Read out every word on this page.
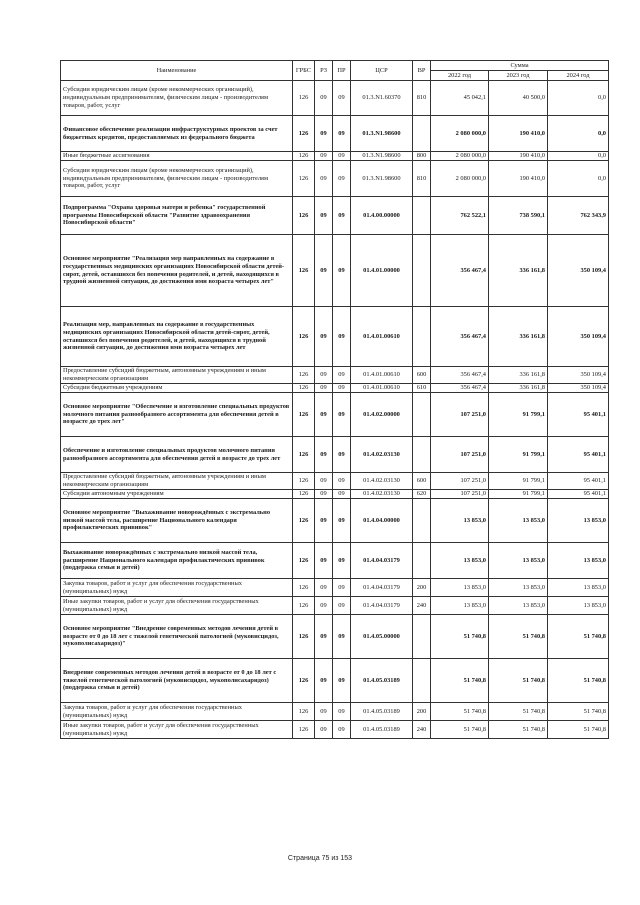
Наименование	ГРБС	РЗ	ПР	ЦСР	ВР	Сумма		
						2022 год	2023 год	2024 год
Субсидии юридическим лицам (кроме некоммерческих организаций), индивидуальным предпринимателям, физическим лицам - производителям товаров, работ, услуг	126	09	09	01.3.N1.60370	810	45 042,1	40 500,0	0,0
Финансовое обеспечение реализации инфраструктурных проектов за счет бюджетных кредитов, предоставляемых из федерального бюджета	126	09	09	01.3.N1.98600		2 080 000,0	190 410,0	0,0
Иные бюджетные ассигнования	126	09	09	01.3.N1.98600	800	2 080 000,0	190 410,0	0,0
Субсидии юридическим лицам (кроме некоммерческих организаций), индивидуальным предпринимателям, физическим лицам - производителям товаров, работ, услуг	126	09	09	01.3.N1.98600	810	2 080 000,0	190 410,0	0,0
Подпрограмма "Охрана здоровья матери и ребенка" государственной программы Новосибирской области "Развитие здравоохранения Новосибирской области"	126	09	09	01.4.00.00000		762 522,1	738 590,1	762 343,9
Основное мероприятие "Реализация мер направленных на содержание в государственных медицинских организациях Новосибирской области детей-сирот, детей, оставшихся без попечения родителей, и детей, находящихся в трудной жизненной ситуации, до достижения ими возраста четырех лет"	126	09	09	01.4.01.00000		356 467,4	336 161,8	350 109,4
Реализация мер, направленных на содержание в государственных медицинских организациях Новосибирской области детей-сирот, детей, оставшихся без попечения родителей, и детей, находящихся в трудной жизненной ситуации, до достижения ими возраста четырех лет	126	09	09	01.4.01.00610		356 467,4	336 161,8	350 109,4
Предоставление субсидий бюджетным, автономным учреждениям и иным некоммерческим организациям	126	09	09	01.4.01.00610	600	356 467,4	336 161,8	350 109,4
Субсидии бюджетным учреждениям	126	09	09	01.4.01.00610	610	356 467,4	336 161,8	350 109,4
Основное мероприятие "Обеспечение и изготовление специальных продуктов молочного питания разнообразного ассортимента для обеспечения детей в возрасте до трех лет"	126	09	09	01.4.02.00000		107 251,0	91 799,1	95 401,1
Обеспечение и изготовление специальных продуктов молочного питания разнообразного ассортимента для обеспечения детей в возрасте до трех лет	126	09	09	01.4.02.03130		107 251,0	91 799,1	95 401,1
Предоставление субсидий бюджетным, автономным учреждениям и иным некоммерческим организациям	126	09	09	01.4.02.03130	600	107 251,0	91 799,1	95 401,1
Субсидии автономным учреждениям	126	09	09	01.4.02.03130	620	107 251,0	91 799,1	95 401,1
Основное мероприятие "Выхаживание новорождённых с экстремально низкой массой тела, расширение Национального календаря профилактических прививок"	126	09	09	01.4.04.00000		13 853,0	13 853,0	13 853,0
Выхаживание новорождённых с экстремально низкой массой тела, расширение Национального календаря профилактических прививок (поддержка семьи и детей)	126	09	09	01.4.04.03179		13 853,0	13 853,0	13 853,0
Закупка товаров, работ и услуг для обеспечения государственных (муниципальных) нужд	126	09	09	01.4.04.03179	200	13 853,0	13 853,0	13 853,0
Иные закупки товаров, работ и услуг для обеспечения государственных (муниципальных) нужд	126	09	09	01.4.04.03179	240	13 853,0	13 853,0	13 853,0
Основное мероприятие "Внедрение современных методов лечения детей в возрасте от 0 до 18 лет с тяжелой генетической патологией (муковисцидоз, мукополисахаридоз)"	126	09	09	01.4.05.00000		51 740,8	51 740,8	51 740,8
Внедрение современных методов лечения детей в возрасте от 0 до 18 лет с тяжелой генетической патологией (муковисцидоз, мукополисахаридоз) (поддержка семьи и детей)	126	09	09	01.4.05.03189		51 740,8	51 740,8	51 740,8
Закупка товаров, работ и услуг для обеспечения государственных (муниципальных) нужд	126	09	09	01.4.05.03189	200	51 740,8	51 740,8	51 740,8
Иные закупки товаров, работ и услуг для обеспечения государственных (муниципальных) нужд	126	09	09	01.4.05.03189	240	51 740,8	51 740,8	51 740,8
Страница 75 из 153
